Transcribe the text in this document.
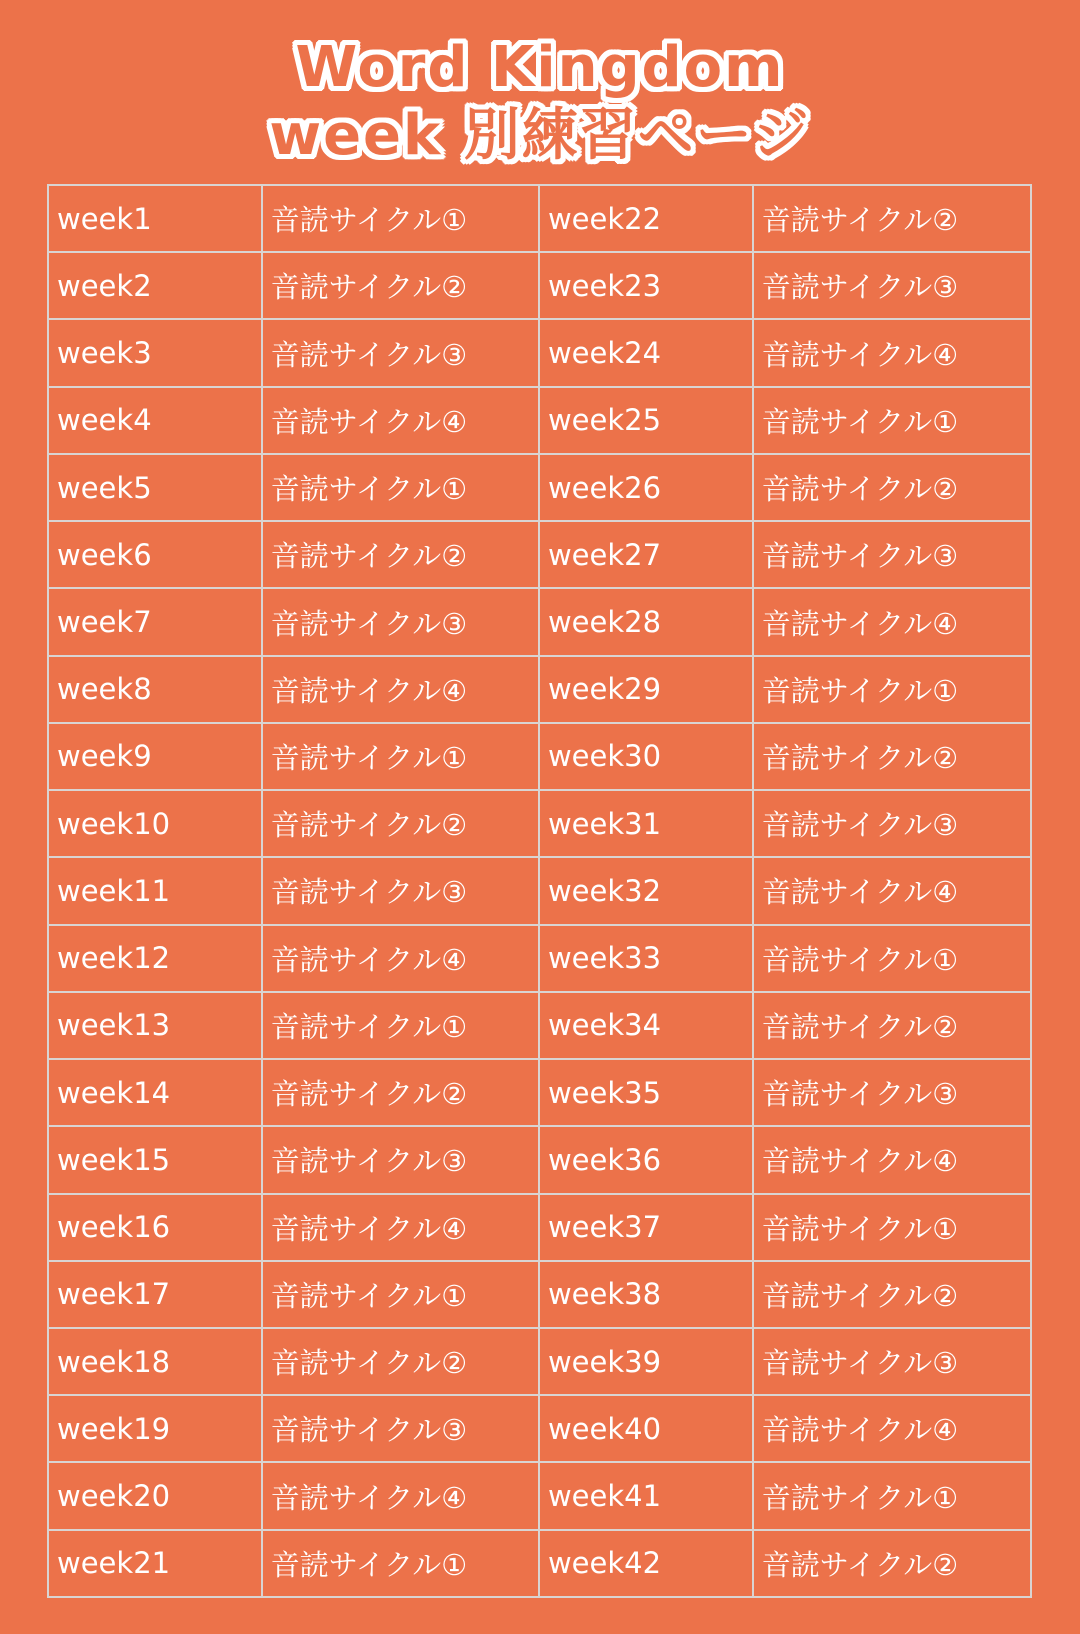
Word Kingdom
week 別練習ページ
week1	音読サイクル①	week22	音読サイクル②
week2	音読サイクル②	week23	音読サイクル③
week3	音読サイクル③	week24	音読サイクル④
week4	音読サイクル④	week25	音読サイクル①
week5	音読サイクル①	week26	音読サイクル②
week6	音読サイクル②	week27	音読サイクル③
week7	音読サイクル③	week28	音読サイクル④
week8	音読サイクル④	week29	音読サイクル①
week9	音読サイクル①	week30	音読サイクル②
week10	音読サイクル②	week31	音読サイクル③
week11	音読サイクル③	week32	音読サイクル④
week12	音読サイクル④	week33	音読サイクル①
week13	音読サイクル①	week34	音読サイクル②
week14	音読サイクル②	week35	音読サイクル③
week15	音読サイクル③	week36	音読サイクル④
week16	音読サイクル④	week37	音読サイクル①
week17	音読サイクル①	week38	音読サイクル②
week18	音読サイクル②	week39	音読サイクル③
week19	音読サイクル③	week40	音読サイクル④
week20	音読サイクル④	week41	音読サイクル①
week21	音読サイクル①	week42	音読サイクル②
